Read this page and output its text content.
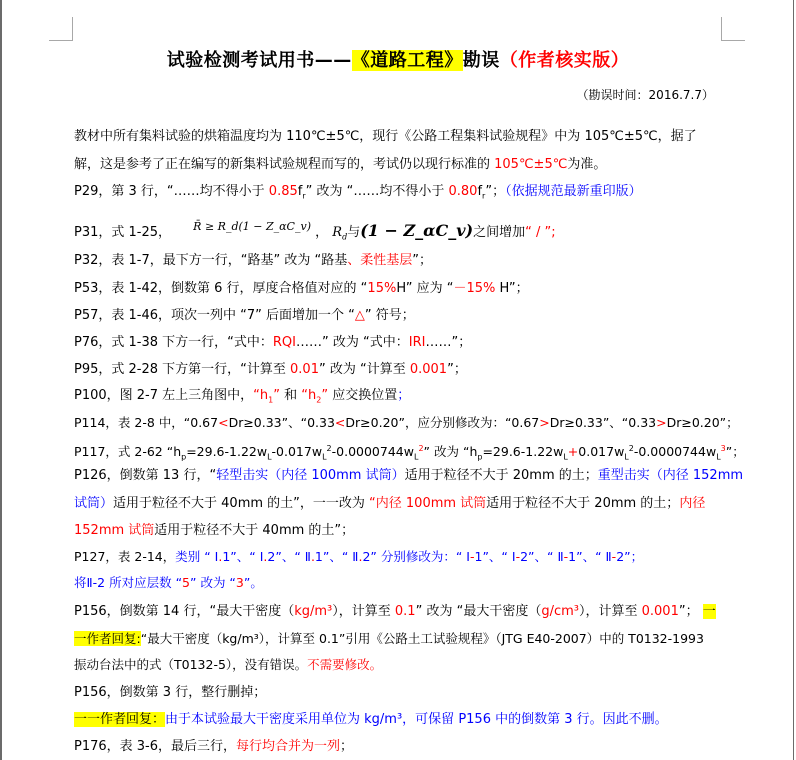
试验检测考试用书——《道路工程》勘误（作者核实版）
（勘误时间：2016.7.7）
教材中所有集料试验的烘箱温度均为 110℃±5℃，现行《公路工程集料试验规程》中为 105℃±5℃，据了
解，这是参考了正在编写的新集料试验规程而写的，考试仍以现行标准的 105℃±5℃为准。
P29，第 3 行，“……均不得小于 $0.85f_r$” 改为 “……均不得小于 $0.80f_r$”；（依据规范最新重印版）
P31，式 1-25， $^{R̄ \ge R\_d(1 - Z\_\alpha C\_v)}$ ， $R_d$与(1 − Z_αC_v)之间增加“ / ”;
P32，表 1-7，最下方一行，“路基” 改为 “路基、柔性基层”；
P53，表 1-42，倒数第 6 行，厚度合格值对应的 “15%H” 应为 “－15% H”；
P57，表 1-46，项次一列中 “7” 后面增加一个 “△” 符号；
P76，式 1-38 下方一行，“式中：RQI……” 改为 “式中：IRI……”；
P95，式 2-28 下方第一行，“计算至 0.01” 改为 “计算至 0.001”；
P100，图 2-7 左上三角图中，“$h_1$” 和 “$h_2$” 应交换位置；
P114，表 2-8 中，“0.67<Dr≥0.33”、“0.33<Dr≥0.20”，应分别修改为：“0.67>Dr≥0.33”、“0.33>Dr≥0.20”；
P117，式 2-62 “$h_p=29.6-1.22w_L-0.017w_L^2-0.0000744w_L^2$” 改为 “$h_p=29.6-1.22w_L+0.017w_L^2-0.0000744w_L^3$”；
P126，倒数第 13 行，“轻型击实（内径 100mm 试筒）适用于粒径不大于 20mm 的土；重型击实（内径 152mm
试筒）适用于粒径不大于 40mm 的土”，一一改为 “内径 100mm 试筒适用于粒径不大于 20mm 的土；内径
152mm 试筒适用于粒径不大于 40mm 的土”；
P127，表 2-14，类别 “ Ⅰ.1”、“ Ⅰ.2”、“ Ⅱ.1”、“ Ⅱ.2” 分别修改为：“ Ⅰ-1”、“ Ⅰ-2”、“ Ⅱ-1”、“ Ⅱ-2”；
将Ⅱ-2 所对应层数 “5” 改为 “3”。
P156，倒数第 14 行，“最大干密度（kg/m³），计算至 0.1” 改为 “最大干密度（g/cm³），计算至 0.001”； 一
一作者回复:“最大干密度（kg/m³），计算至 0.1”引用《公路土工试验规程》（JTG E40-2007）中的 T0132-1993
振动台法中的式（T0132-5），没有错误。不需要修改。
P156，倒数第 3 行，整行删掉；
一一作者回复：由于本试验最大干密度采用单位为 kg/m³，可保留 P156 中的倒数第 3 行。因此不删。
P176，表 3-6，最后三行，每行均合并为一列；
